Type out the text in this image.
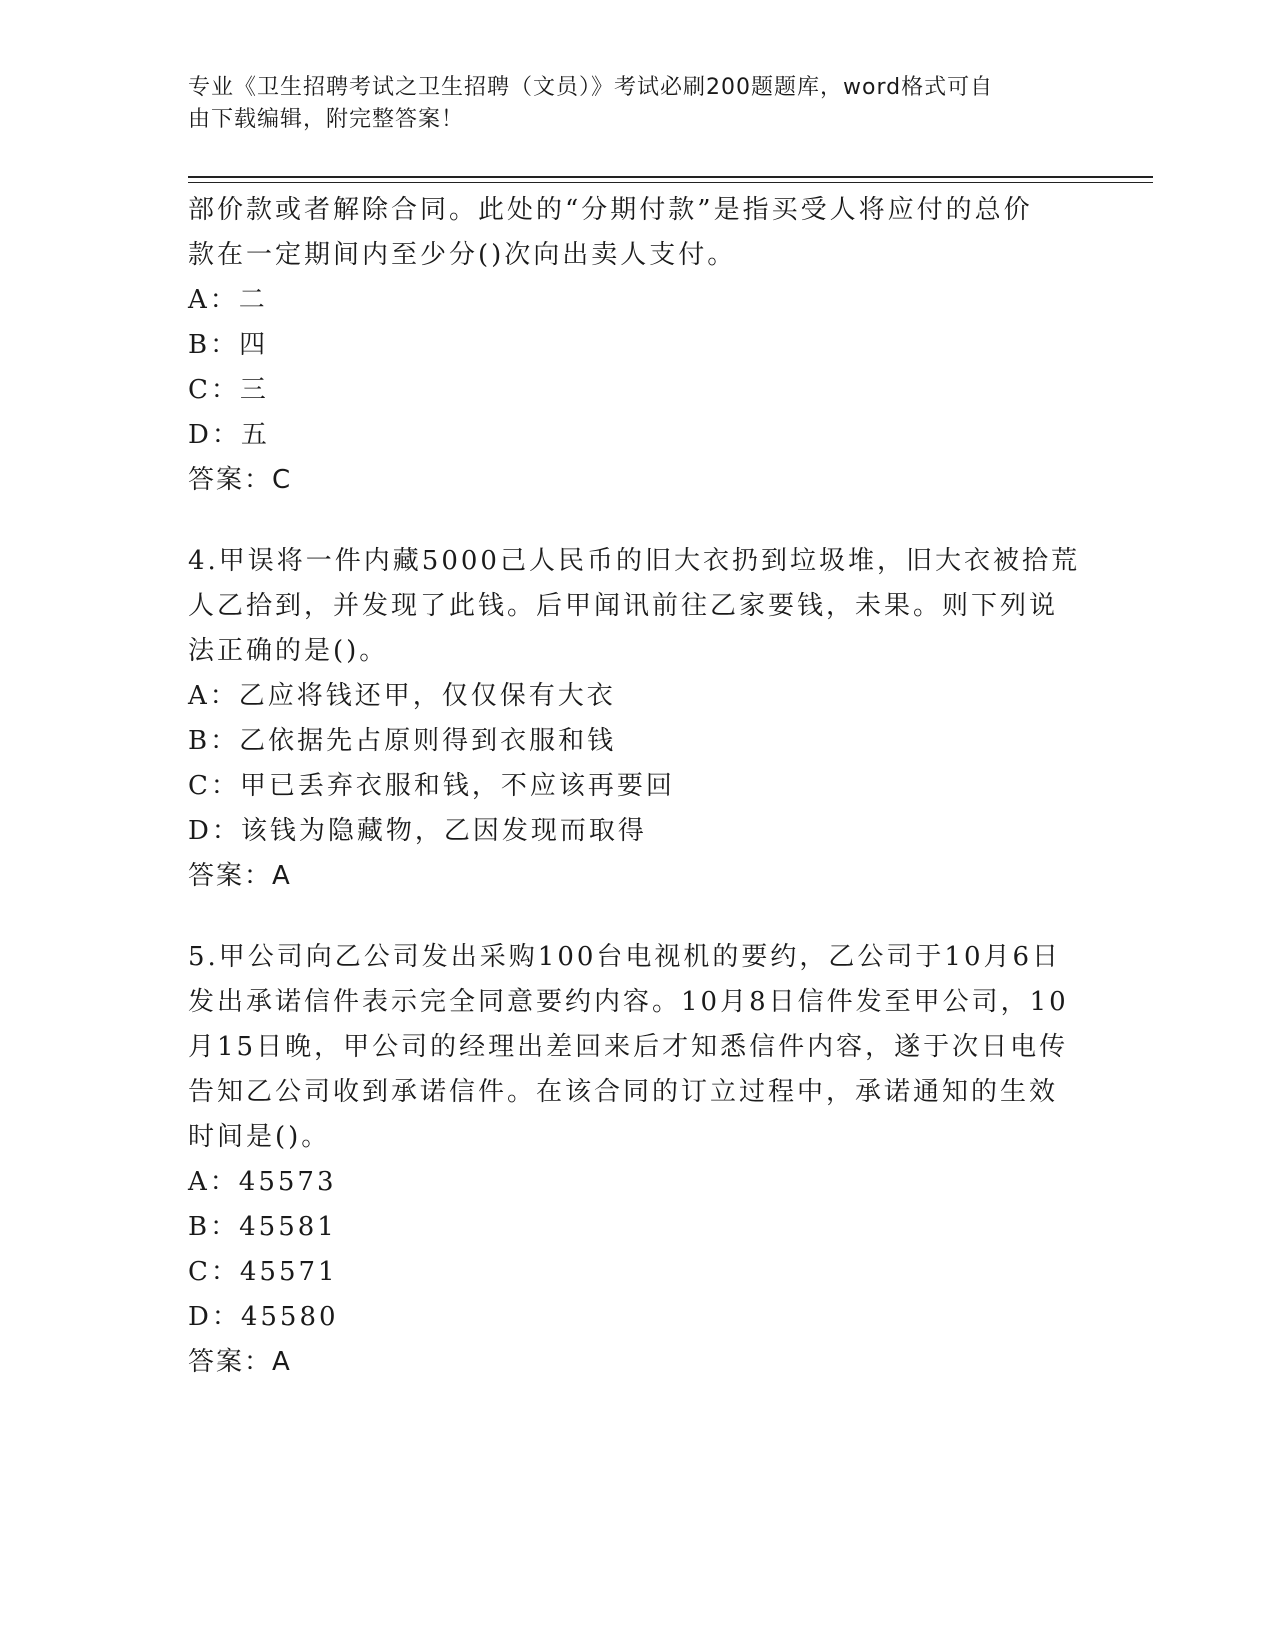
专业《卫生招聘考试之卫生招聘（文员）》考试必刷200题题库，word格式可自
由下载编辑，附完整答案！

部价款或者解除合同。此处的“分期付款”是指买受人将应付的总价

款在一定期间内至少分()次向出卖人支付。

A：二

B：四

C：三

D：五

答案：C

4.甲误将一件内藏5000己人民币的旧大衣扔到垃圾堆，旧大衣被拾荒

人乙拾到，并发现了此钱。后甲闻讯前往乙家要钱，未果。则下列说

法正确的是()。

A：乙应将钱还甲，仅仅保有大衣

B：乙依据先占原则得到衣服和钱

C：甲已丢弃衣服和钱，不应该再要回

D：该钱为隐藏物，乙因发现而取得

答案：A

5.甲公司向乙公司发出采购100台电视机的要约，乙公司于10月6日

发出承诺信件表示完全同意要约内容。10月8日信件发至甲公司，10

月15日晚，甲公司的经理出差回来后才知悉信件内容，遂于次日电传

告知乙公司收到承诺信件。在该合同的订立过程中，承诺通知的生效

时间是()。

A：45573

B：45581

C：45571

D：45580

答案：A
